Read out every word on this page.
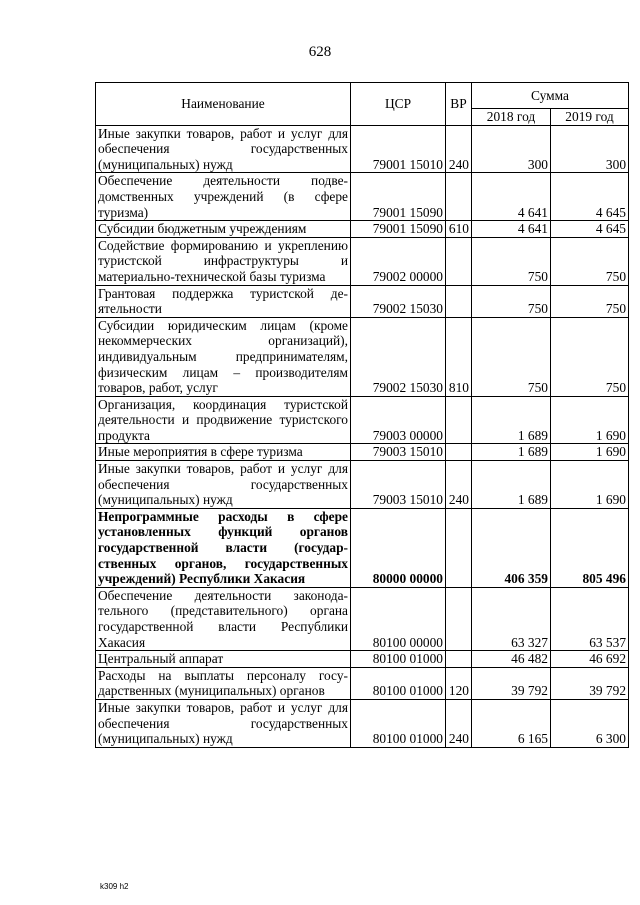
628
Наименование	ЦСР	ВР	Сумма	
			2018 год	2019 год
Иные закупки товаров, работ и услуг для обеспечения государственных (муниципальных) нужд	79001 15010	240	300	300
Обеспечение деятельности подведомственных учреждений (в сфере туризма)	79001 15090		4 641	4 645
Субсидии бюджетным учреждениям	79001 15090	610	4 641	4 645
Содействие формированию и укреплению туристской инфраструктуры и материально-технической базы туризма	79002 00000		750	750
Грантовая поддержка туристской деятельности	79002 15030		750	750
Субсидии юридическим лицам (кроме некоммерческих организаций), индивидуальным предпринимателям, физическим лицам – производителям товаров, работ, услуг	79002 15030	810	750	750
Организация, координация туристской деятельности и продвижение туристского продукта	79003 00000		1 689	1 690
Иные мероприятия в сфере туризма	79003 15010		1 689	1 690
Иные закупки товаров, работ и услуг для обеспечения государственных (муниципальных) нужд	79003 15010	240	1 689	1 690
Непрограммные расходы в сфере установленных функций органов государственной власти (государственных органов, государственных учреждений) Республики Хакасия	80000 00000		406 359	805 496
Обеспечение деятельности законодательного (представительного) органа государственной власти Республики Хакасия	80100 00000		63 327	63 537
Центральный аппарат	80100 01000		46 482	46 692
Расходы на выплаты персоналу государственных (муниципальных) органов	80100 01000	120	39 792	39 792
Иные закупки товаров, работ и услуг для обеспечения государственных (муниципальных) нужд	80100 01000	240	6 165	6 300
k309 h2
